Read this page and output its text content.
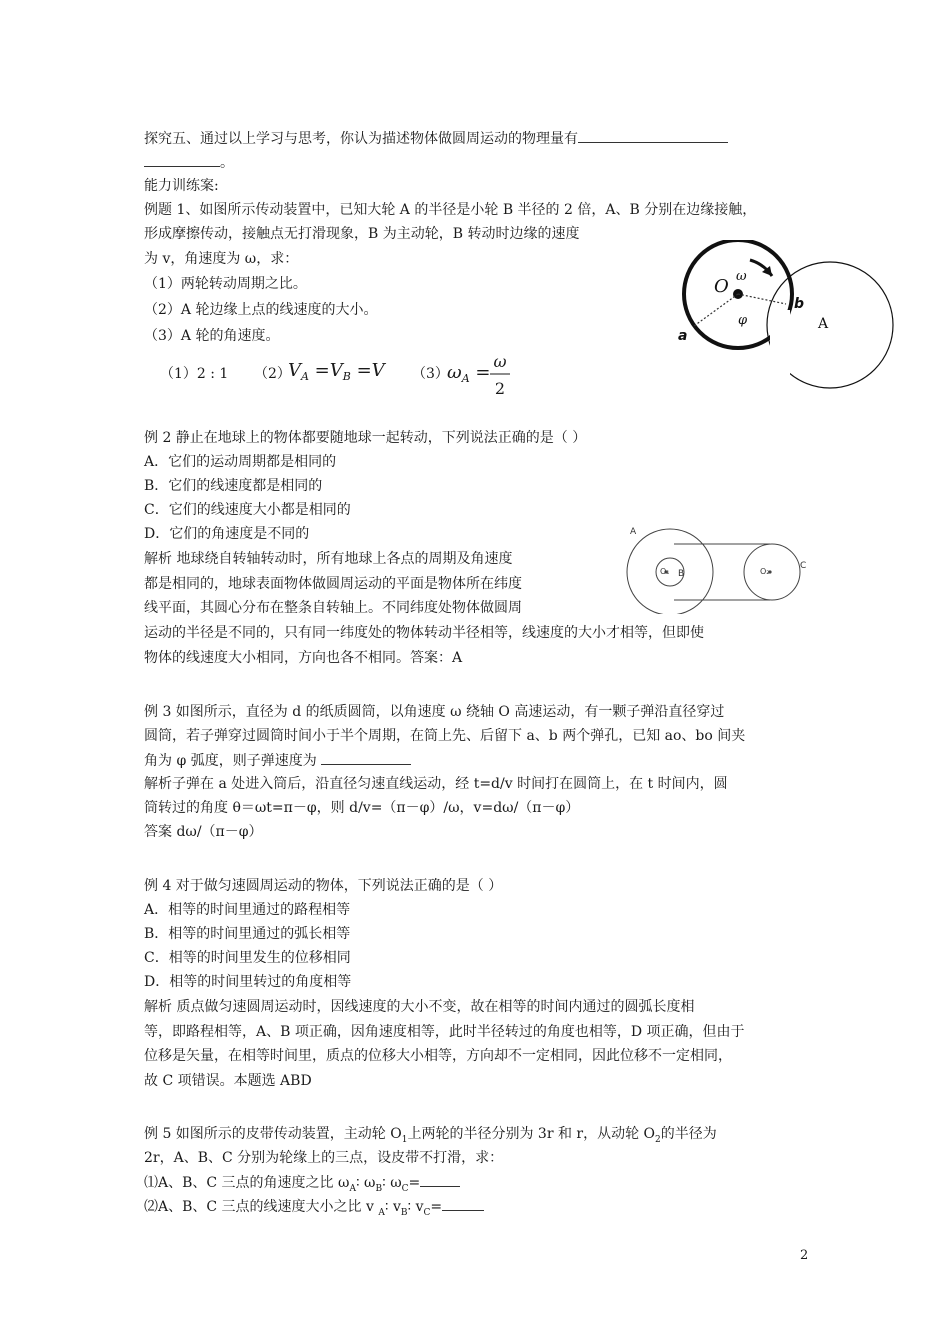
探究五、通过以上学习与思考，你认为描述物体做圆周运动的物理量有
。
能力训练案:
例题 1、如图所示传动装置中，已知大轮 A 的半径是小轮 B 半径的 2 倍，A、B 分别在边缘接触，
形成摩擦传动，接触点无打滑现象，B 为主动轮，B 转动时边缘的速度
为 v，角速度为 ω，求：
（1）两轮转动周期之比。
（2）A 轮边缘上点的线速度的大小。
（3）A 轮的角速度。
（1）2 : 1 （2）
$V_A =V_B =V$ （3）
$\omega_A$ =
ω
2
O ω
φ
b
a
A
例 2 静止在地球上的物体都要随地球一起转动，下列说法正确的是（ ）
A．它们的运动周期都是相同的
B．它们的线速度都是相同的
C．它们的线速度大小都是相同的
D．它们的角速度是不同的
解析 地球绕自转轴转动时，所有地球上各点的周期及角速度
都是相同的，地球表面物体做圆周运动的平面是物体所在纬度
线平面，其圆心分布在整条自转轴上。不同纬度处物体做圆周
运动的半径是不同的，只有同一纬度处的物体转动半径相等，线速度的大小才相等，但即使
物体的线速度大小相同，方向也各不相同。答案：A
A
O₁ B	O₂
C
例 3 如图所示，直径为 d 的纸质圆筒，以角速度 ω 绕轴 O 高速运动，有一颗子弹沿直径穿过
圆筒，若子弹穿过圆筒时间小于半个周期，在筒上先、后留下 a、b 两个弹孔，已知 ao、bo 间夹
角为 φ 弧度，则子弹速度为
解析子弹在 a 处进入筒后，沿直径匀速直线运动，经 t=d/v 时间打在圆筒上，在 t 时间内，圆
筒转过的角度 θ＝ωt=π－φ，则 d/v=（π－φ）/ω，v=dω/（π－φ）
答案 dω/（π－φ）
例 4 对于做匀速圆周运动的物体，下列说法正确的是（ ）
A．相等的时间里通过的路程相等
B．相等的时间里通过的弧长相等
C．相等的时间里发生的位移相同
D．相等的时间里转过的角度相等
解析 质点做匀速圆周运动时，因线速度的大小不变，故在相等的时间内通过的圆弧长度相
等，即路程相等，A、B 项正确，因角速度相等，此时半径转过的角度也相等，D 项正确，但由于
位移是矢量，在相等时间里，质点的位移大小相等，方向却不一定相同，因此位移不一定相同，
故 C 项错误。本题选 ABD
例 5 如图所示的皮带传动装置，主动轮 $O_1$上两轮的半径分别为 3r 和 r，从动轮 $O_2$的半径为
2r，A、B、C 分别为轮缘上的三点，设皮带不打滑，求：
⑴A、B、C 三点的角速度之比 $\omega_A∶$ $\omega_B∶$ $\omega_C=$
⑵A、B、C 三点的线速度大小之比 v $_A$∶ $v_B∶$ $v_C=$
2
